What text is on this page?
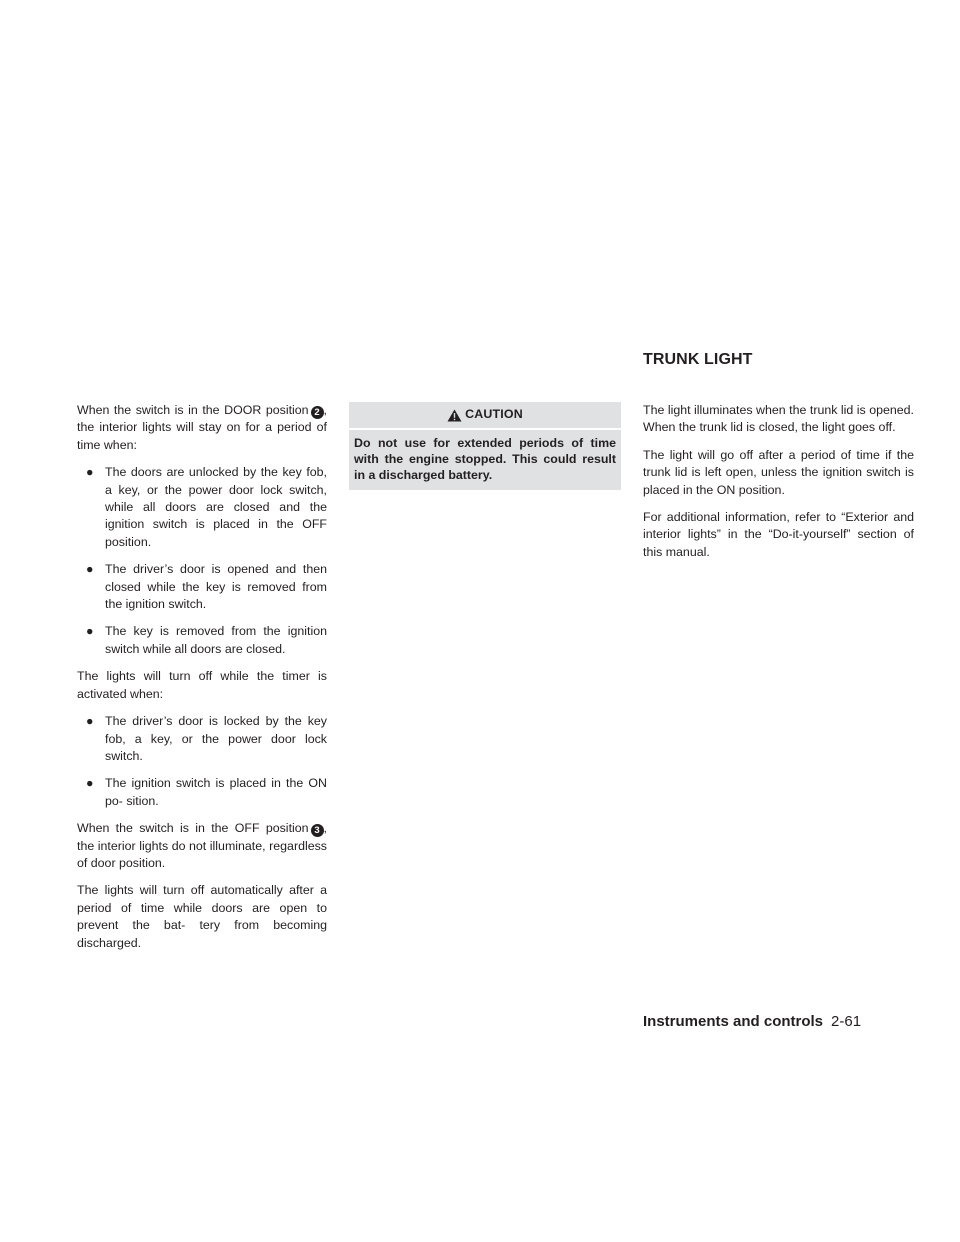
When the switch is in the DOOR position 2 , the interior lights will stay on for a period of time when:

● The doors are unlocked by the key fob, a key, or the power door lock switch, while all doors are closed and the ignition switch is placed in the OFF position.
● The driver’s door is opened and then closed while the key is removed from the ignition switch.
● The key is removed from the ignition switch while all doors are closed.

The lights will turn off while the timer is activated when:

● The driver’s door is locked by the key fob, a key, or the power door lock switch.
● The ignition switch is placed in the ON po- sition.

When the switch is in the OFF position 3 , the interior lights do not illuminate, regardless of door position.

The lights will turn off automatically after a period of time while doors are open to prevent the bat- tery from becoming discharged.

CAUTION
Do not use for extended periods of time with the engine stopped. This could result in a discharged battery.
TRUNK LIGHT

The light illuminates when the trunk lid is opened. When the trunk lid is closed, the light goes off.

The light will go off after a period of time if the trunk lid is left open, unless the ignition switch is placed in the ON position.

For additional information, refer to “Exterior and interior lights” in the “Do-it-yourself” section of this manual.

Instruments and controls 2-61
